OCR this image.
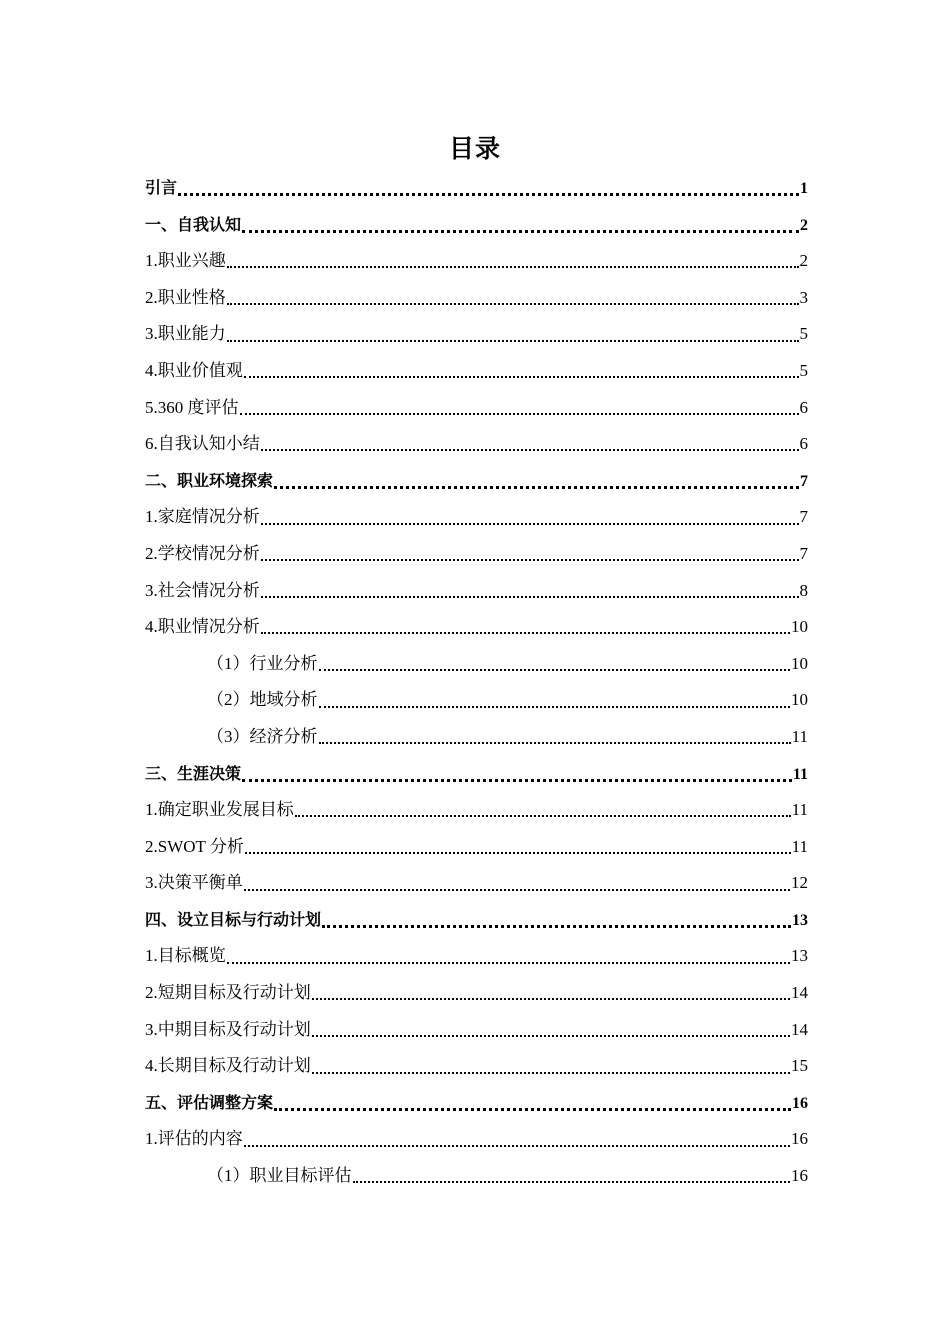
目录
引言	1
一、自我认知	2
1.职业兴趣	2
2.职业性格	3
3.职业能力	5
4.职业价值观	5
5.360 度评估	6
6.自我认知小结	6
二、职业环境探索	7
1.家庭情况分析	7
2.学校情况分析	7
3.社会情况分析	8
4.职业情况分析	10
（1）行业分析	10
（2）地域分析	10
（3）经济分析	11
三、生涯决策	11
1.确定职业发展目标	11
2.SWOT 分析	11
3.决策平衡单	12
四、设立目标与行动计划	13
1.目标概览	13
2.短期目标及行动计划	14
3.中期目标及行动计划	14
4.长期目标及行动计划	15
五、评估调整方案	16
1.评估的内容	16
（1）职业目标评估	16
